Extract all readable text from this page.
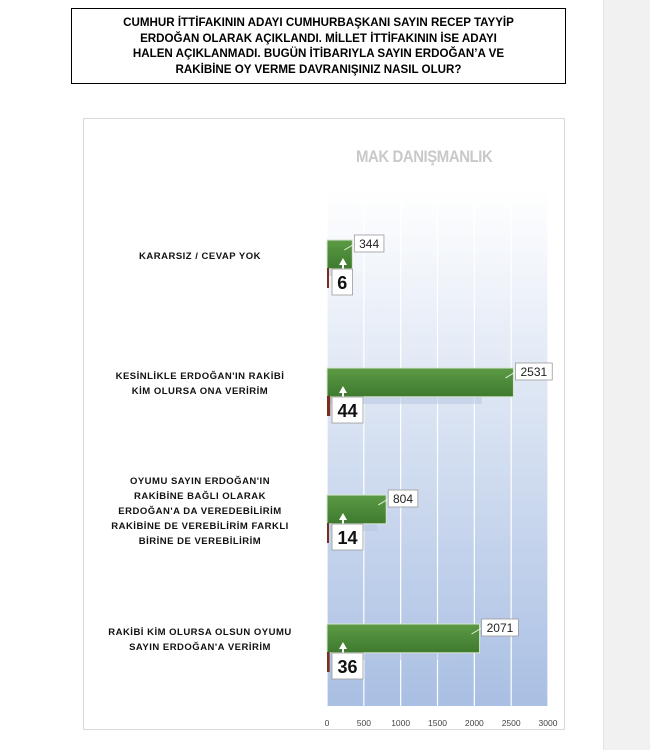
CUMHUR İTTİFAKININ ADAYI CUMHURBAŞKANI SAYIN RECEP TAYYİP
ERDOĞAN OLARAK AÇIKLANDI. MİLLET İTTİFAKININ İSE ADAYI
HALEN AÇIKLANMADI. BUGÜN İTİBARIYLA SAYIN ERDOĞAN’A VE
RAKİBİNE OY VERME DAVRANIŞINIZ NASIL OLUR?
MAK DANIŞMANLIK
KARARSIZ / CEVAP YOK
KESİNLİKLE ERDOĞAN'IN RAKİBİ
KİM OLURSA ONA VERİRİM
OYUMU SAYIN ERDOĞAN'IN
RAKİBİNE BAĞLI OLARAK
ERDOĞAN'A DA VEREDEBİLİRİM
RAKİBİNE DE VEREBİLİRİM FARKLI
BİRİNE DE VEREBİLİRİM
RAKİBİ KİM OLURSA OLSUN OYUMU
SAYIN ERDOĞAN'A VERİRİM
0	500 1000 1500 2000 2500 3000
344
6
2531
44
804
14
2071
36
